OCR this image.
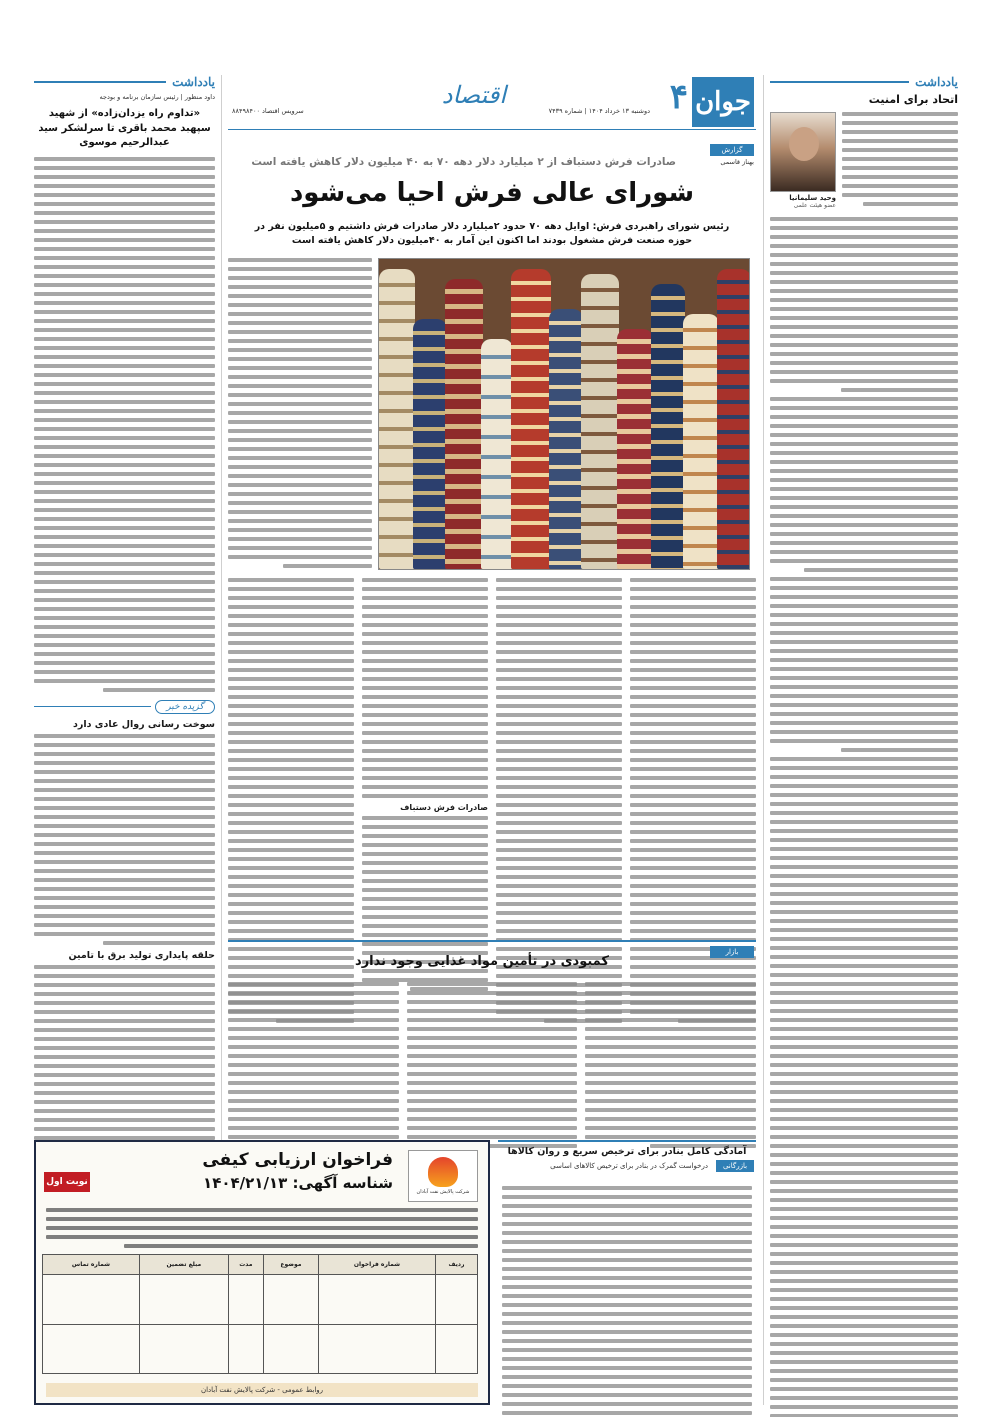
یادداشت
اتحاد برای امنیت
وحید سلیمانیا
عضو هیئت علمی
یادداشت
داود منظور | رئیس سازمان برنامه و بودجه
«تداوم راه یزدان‌زاده» از شهید سپهبد محمد باقری تا سرلشکر سید عبدالرحیم موسوی
گزیده خبر
سوخت رسانی روال عادی دارد
حلقه پایداری تولید برق با تامین
جوان
۴
اقتصاد
دوشنبه ۱۳ خرداد ۱۴۰۴ | شماره ۷۴۳۹
سرویس اقتصاد ۸۸۴۹۸۴۰۰
گزارش
بهناز قاسمی
صادرات فرش دستباف از ۲ میلیارد دلار دهه ۷۰ به ۴۰ میلیون دلار کاهش یافته است
شورای عالی فرش احیا می‌شود
رئیس شورای راهبردی فرش: اوایل دهه ۷۰ حدود ۲میلیارد دلار صادرات فرش داشتیم و ۵میلیون نفر در حوزه صنعت فرش مشغول بودند اما اکنون این آمار به ۴۰میلیون دلار کاهش یافته است
صادرات فرش دستباف
بازار
کمبودی در تأمین مواد غذایی وجود ندارد
شرکت پالایش نفت آبادان
فراخوان ارزیابی کیفی
شناسه آگهی: ۱۴۰۴/۲۱/۱۳
نوبت اول
ردیف	شماره فراخوان	موضوع	مدت	مبلغ تضمین	شماره تماس

روابط عمومی - شرکت پالایش نفت آبادان
آمادگی کامل بنادر برای ترخیص سریع و روان کالاها
بازرگانی
درخواست گمرک در بنادر برای ترخیص کالاهای اساسی
